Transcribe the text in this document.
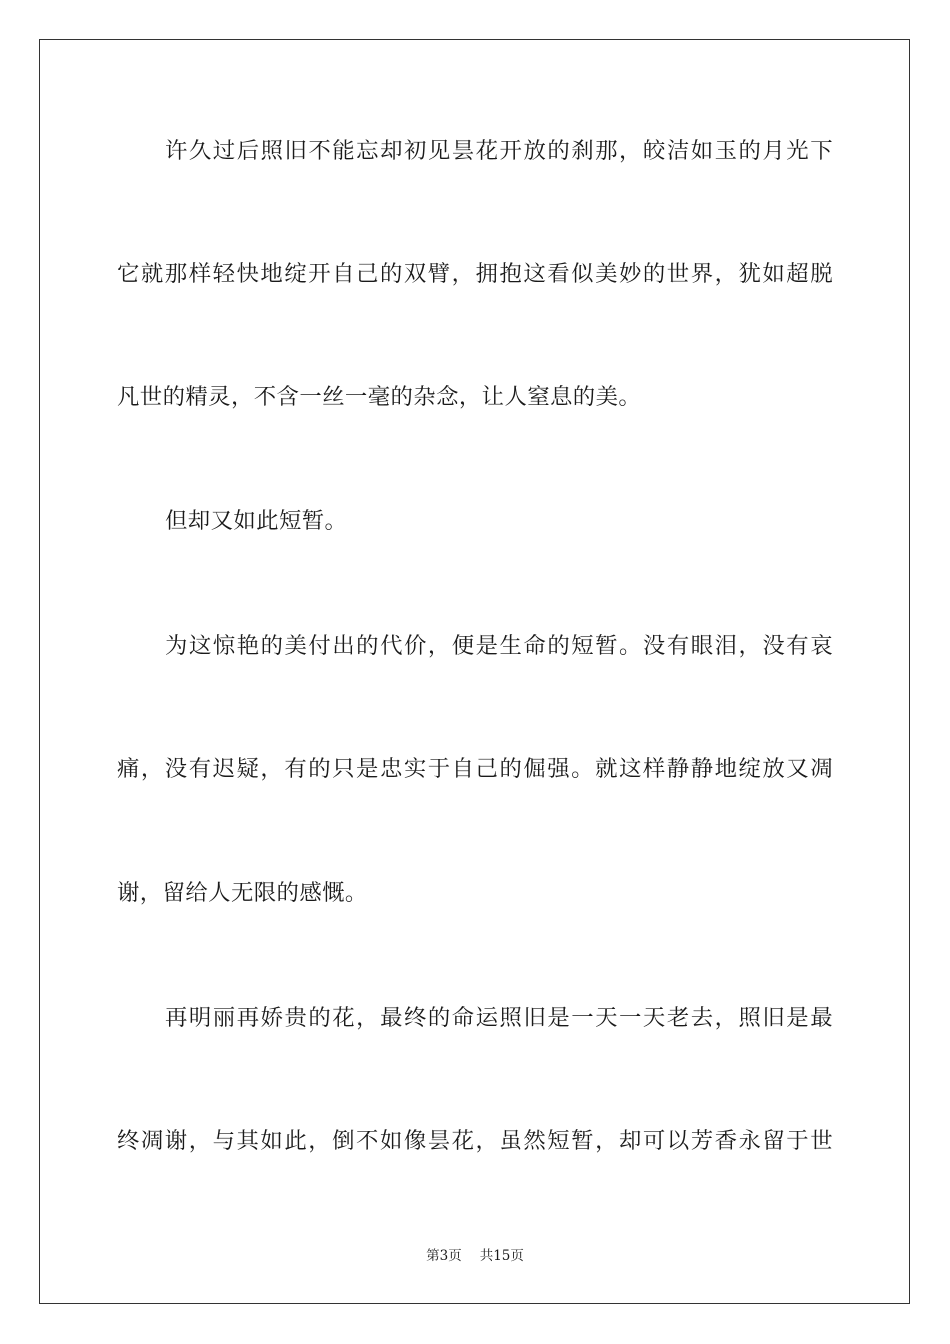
许久过后照旧不能忘却初见昙花开放的刹那，皎洁如玉的月光下
它就那样轻快地绽开自己的双臂，拥抱这看似美妙的世界，犹如超脱
凡世的精灵，不含一丝一毫的杂念，让人窒息的美。
但却又如此短暂。
为这惊艳的美付出的代价，便是生命的短暂。没有眼泪，没有哀
痛，没有迟疑，有的只是忠实于自己的倔强。就这样静静地绽放又凋
谢，留给人无限的感慨。
再明丽再娇贵的花，最终的命运照旧是一天一天老去，照旧是最
终凋谢，与其如此，倒不如像昙花，虽然短暂，却可以芳香永留于世
第3页 共15页
